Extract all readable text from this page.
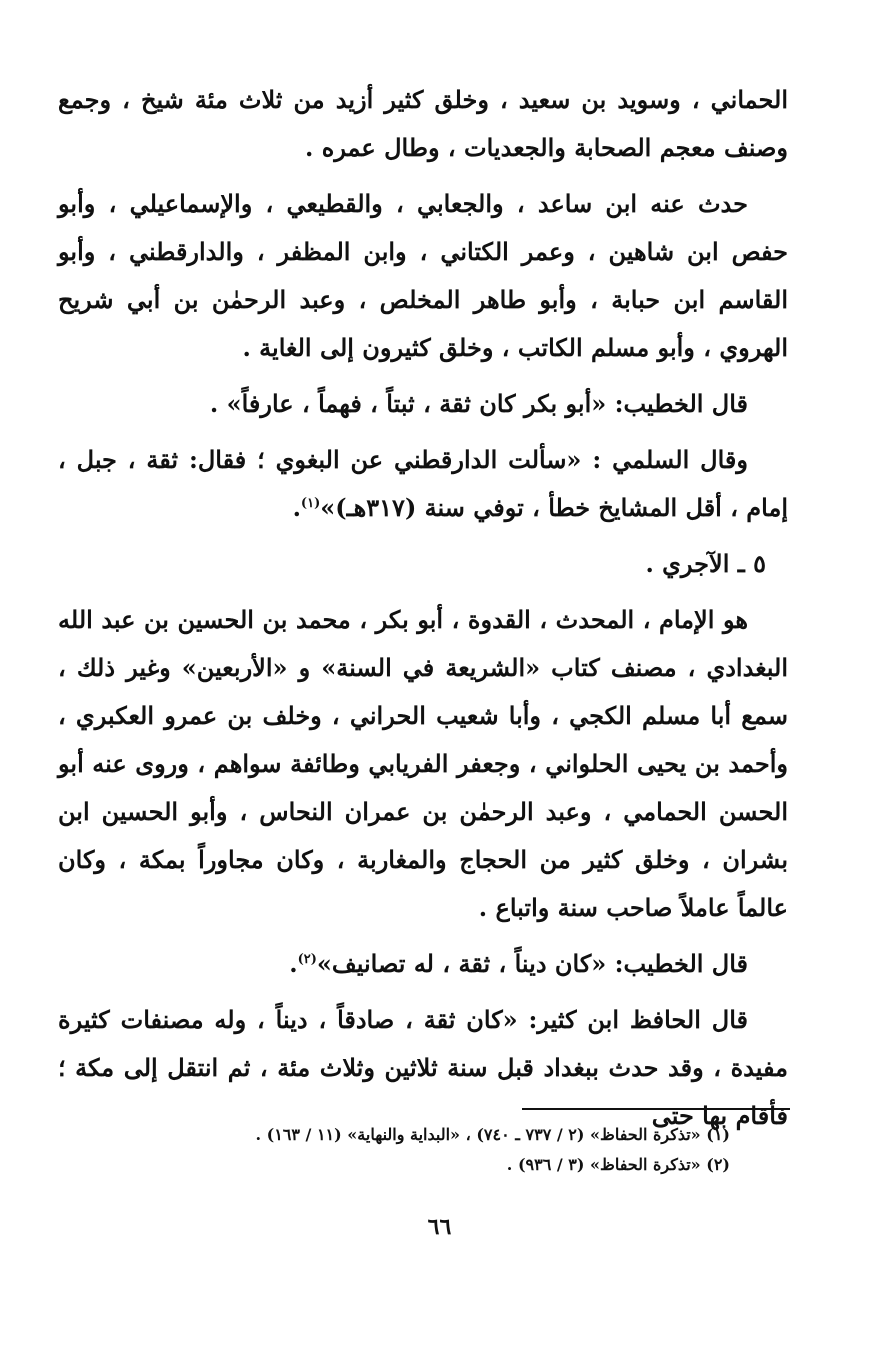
الحماني ، وسويد بن سعيد ، وخلق كثير أزيد من ثلاث مئة شيخ ، وجمع وصنف معجم الصحابة والجعديات ، وطال عمره .

حدث عنه ابن ساعد ، والجعابي ، والقطيعي ، والإسماعيلي ، وأبو حفص ابن شاهين ، وعمر الكتاني ، وابن المظفر ، والدارقطني ، وأبو القاسم ابن حبابة ، وأبو طاهر المخلص ، وعبد الرحمٰن بن أبي شريح الهروي ، وأبو مسلم الكاتب ، وخلق كثيرون إلى الغاية .

قال الخطيب: «أبو بكر كان ثقة ، ثبتاً ، فهماً ، عارفاً» .

وقال السلمي : «سألت الدارقطني عن البغوي ؛ فقال: ثقة ، جبل ، إمام ، أقل المشايخ خطأ ، توفي سنة (٣١٧هـ)»$^{(١)}$.

٥ ـ الآجري .

هو الإمام ، المحدث ، القدوة ، أبو بكر ، محمد بن الحسين بن عبد الله البغدادي ، مصنف كتاب «الشريعة في السنة» و «الأربعين» وغير ذلك ، سمع أبا مسلم الكجي ، وأبا شعيب الحراني ، وخلف بن عمرو العكبري ، وأحمد بن يحيى الحلواني ، وجعفر الفريابي وطائفة سواهم ، وروى عنه أبو الحسن الحمامي ، وعبد الرحمٰن بن عمران النحاس ، وأبو الحسين ابن بشران ، وخلق كثير من الحجاج والمغاربة ، وكان مجاوراً بمكة ، وكان عالماً عاملاً صاحب سنة واتباع .

قال الخطيب: «كان ديناً ، ثقة ، له تصانيف»$^{(٢)}$.

قال الحافظ ابن كثير: «كان ثقة ، صادقاً ، ديناً ، وله مصنفات كثيرة مفيدة ، وقد حدث ببغداد قبل سنة ثلاثين وثلاث مئة ، ثم انتقل إلى مكة ؛ فأقام بها حتى

(١) «تذكرة الحفاظ» (٢ / ٧٣٧ ـ ٧٤٠) ، «البداية والنهاية» (١١ / ١٦٣) .

(٢) «تذكرة الحفاظ» (٣ / ٩٣٦) .

٦٦
